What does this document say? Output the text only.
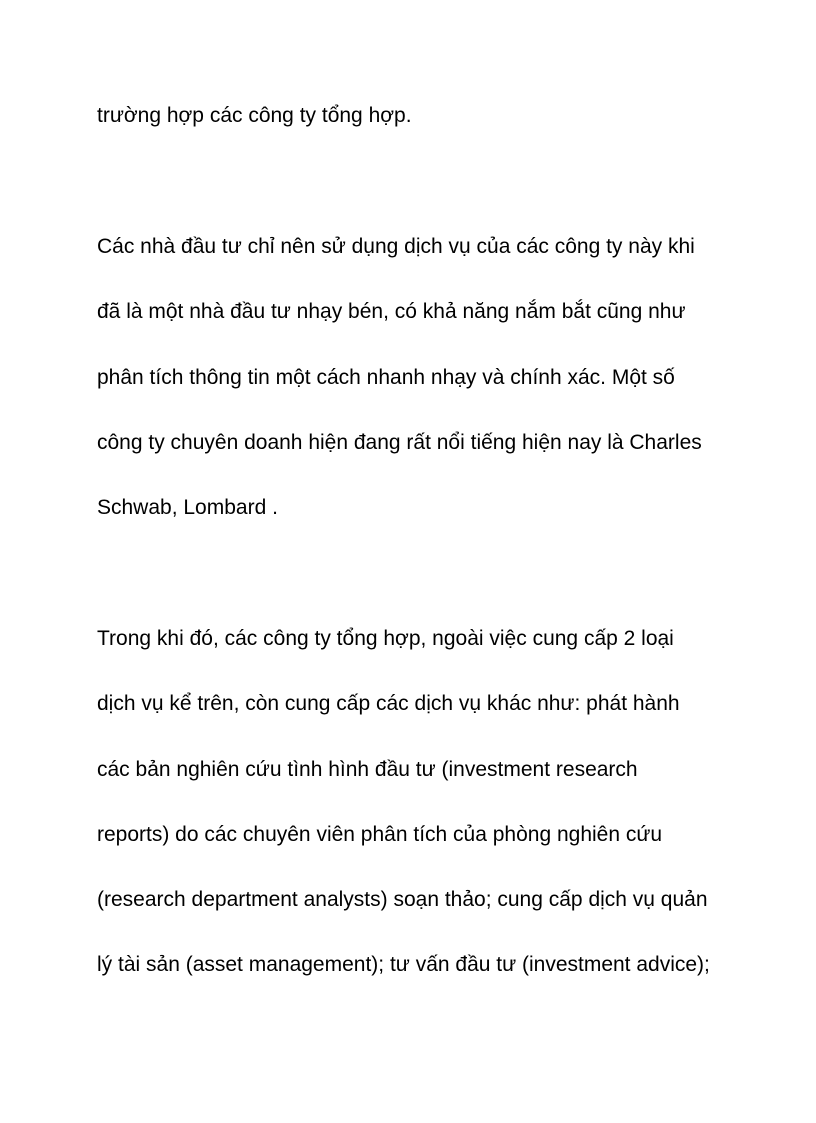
trường hợp các công ty tổng hợp.

Các nhà đầu tư chỉ nên sử dụng dịch vụ của các công ty này khi

đã là một nhà đầu tư nhạy bén, có khả năng nắm bắt cũng như

phân tích thông tin một cách nhanh nhạy và chính xác. Một số

công ty chuyên doanh hiện đang rất nổi tiếng hiện nay là Charles

Schwab, Lombard .

Trong khi đó, các công ty tổng hợp, ngoài việc cung cấp 2 loại

dịch vụ kể trên, còn cung cấp các dịch vụ khác như: phát hành

các bản nghiên cứu tình hình đầu tư (investment research

reports) do các chuyên viên phân tích của phòng nghiên cứu

(research department analysts) soạn thảo; cung cấp dịch vụ quản

lý tài sản (asset management); tư vấn đầu tư (investment advice);
